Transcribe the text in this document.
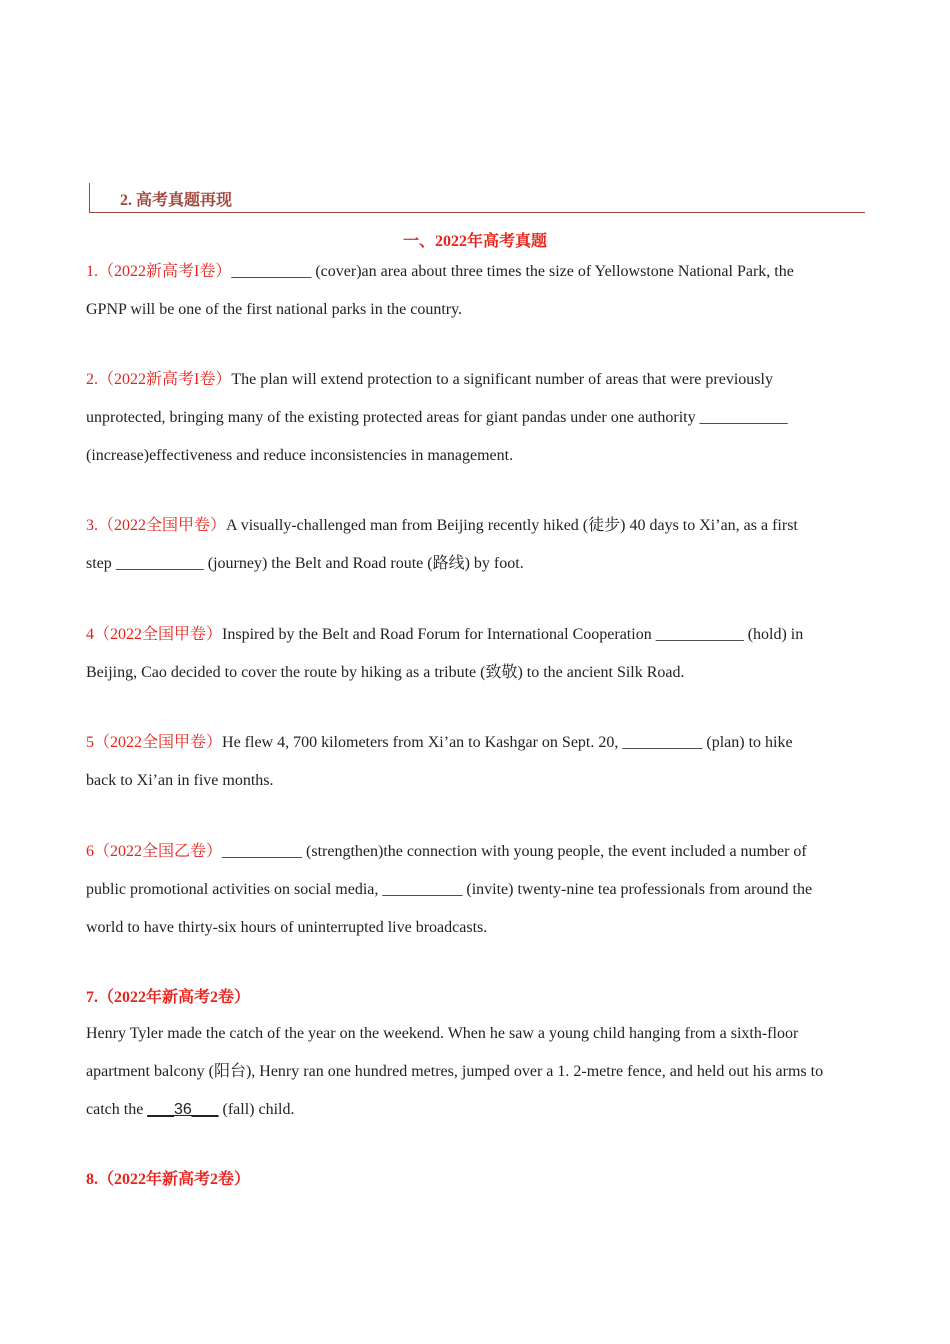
2. 高考真题再现
一、2022年高考真题
1.（2022新高考I卷）__________ (cover)an area about three times the size of Yellowstone National Park, the
GPNP will be one of the first national parks in the country.
2.（2022新高考I卷）The plan will extend protection to a significant number of areas that were previously
unprotected, bringing many of the existing protected areas for giant pandas under one authority ___________
(increase)effectiveness and reduce inconsistencies in management.
3.（2022全国甲卷）A visually-challenged man from Beijing recently hiked (徒步) 40 days to Xi’an, as a first
step ___________ (journey) the Belt and Road route (路线) by foot.
4（2022全国甲卷）Inspired by the Belt and Road Forum for International Cooperation ___________ (hold) in
Beijing, Cao decided to cover the route by hiking as a tribute (致敬) to the ancient Silk Road.
5（2022全国甲卷）He flew 4, 700 kilometers from Xi’an to Kashgar on Sept. 20, __________ (plan) to hike
back to Xi’an in five months.
6（2022全国乙卷）__________ (strengthen)the connection with young people, the event included a number of
public promotional activities on social media, __________ (invite) twenty-nine tea professionals from around the
world to have thirty-six hours of uninterrupted live broadcasts.
7.（2022年新高考2卷）
Henry Tyler made the catch of the year on the weekend. When he saw a young child hanging from a sixth-floor
apartment balcony (阳台), Henry ran one hundred metres, jumped over a 1. 2-metre fence, and held out his arms to
catch the ___36___ (fall) child.
8.（2022年新高考2卷）
